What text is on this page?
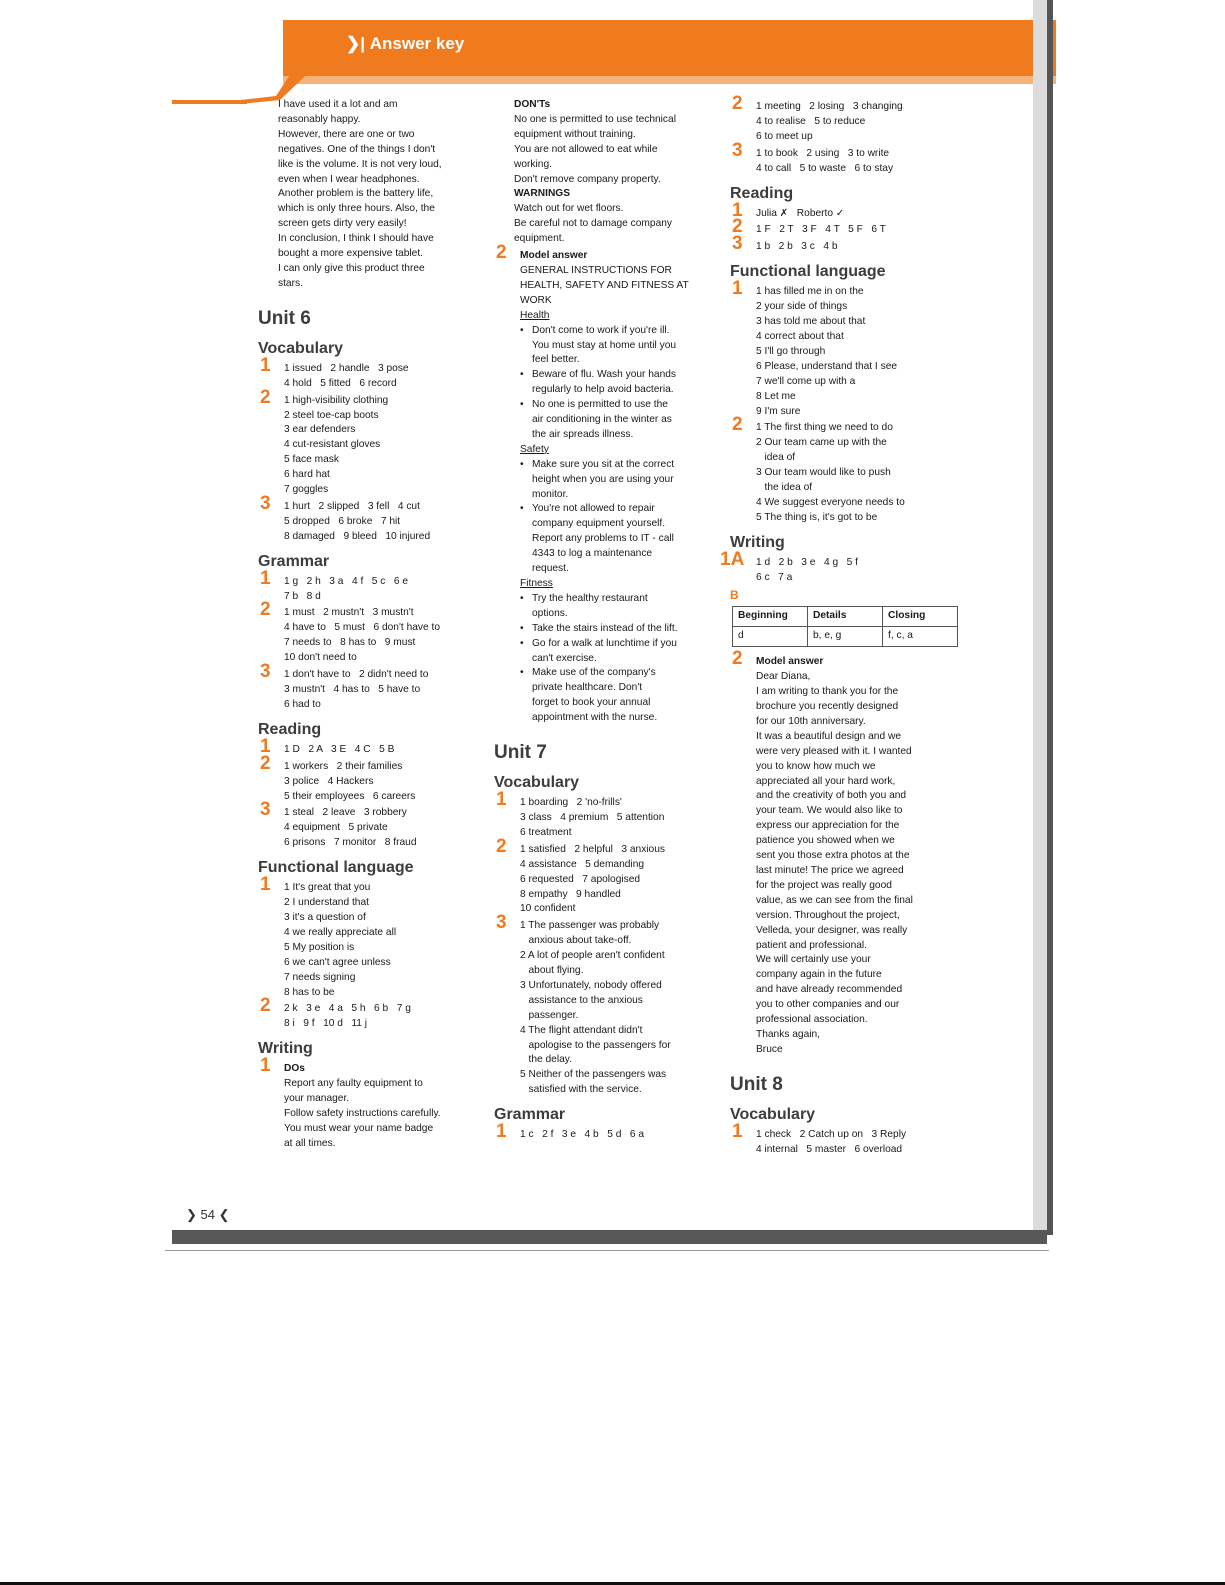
❯| Answer key
I have used it a lot and am
reasonably happy.
However, there are one or two
negatives. One of the things I don't
like is the volume. It is not very loud,
even when I wear headphones.
Another problem is the battery life,
which is only three hours. Also, the
screen gets dirty very easily!
In conclusion, I think I should have
bought a more expensive tablet.
I can only give this product three
stars.
Unit 6
Vocabulary
1 1 issued   2 handle   3 pose
4 hold   5 fitted   6 record
2 1 high-visibility clothing
2 steel toe-cap boots
3 ear defenders
4 cut-resistant gloves
5 face mask
6 hard hat
7 goggles
3 1 hurt   2 slipped   3 fell   4 cut
5 dropped   6 broke   7 hit
8 damaged   9 bleed   10 injured
Grammar
1 1 g   2 h   3 a   4 f   5 c   6 e
7 b   8 d
2 1 must   2 mustn't   3 mustn't
4 have to   5 must   6 don't have to
7 needs to   8 has to   9 must
10 don't need to
3 1 don't have to   2 didn't need to
3 mustn't   4 has to   5 have to
6 had to
Reading
1 1 D   2 A   3 E   4 C   5 B
2 1 workers   2 their families
3 police   4 Hackers
5 their employees   6 careers
3 1 steal   2 leave   3 robbery
4 equipment   5 private
6 prisons   7 monitor   8 fraud
Functional language
1 1 It's great that you
2 I understand that
3 it's a question of
4 we really appreciate all
5 My position is
6 we can't agree unless
7 needs signing
8 has to be
2 2 k   3 e   4 a   5 h   6 b   7 g
8 i   9 f   10 d   11 j
Writing
1 DOs
Report any faulty equipment to
your manager.
Follow safety instructions carefully.
You must wear your name badge
at all times.
DON'Ts
No one is permitted to use technical
equipment without training.
You are not allowed to eat while
working.
Don't remove company property.
WARNINGS
Watch out for wet floors.
Be careful not to damage company
equipment.
2 Model answer
GENERAL INSTRUCTIONS FOR
HEALTH, SAFETY AND FITNESS AT
WORK
Health
• Don't come to work if you're ill.
You must stay at home until you
feel better.
• Beware of flu. Wash your hands
regularly to help avoid bacteria.
• No one is permitted to use the
air conditioning in the winter as
the air spreads illness.
Safety
• Make sure you sit at the correct
height when you are using your
monitor.
• You're not allowed to repair
company equipment yourself.
Report any problems to IT - call
4343 to log a maintenance
request.
Fitness
• Try the healthy restaurant
options.
• Take the stairs instead of the lift.
• Go for a walk at lunchtime if you
can't exercise.
• Make use of the company's
private healthcare. Don't
forget to book your annual
appointment with the nurse.
Unit 7
Vocabulary
1 1 boarding   2 'no-frills'
3 class   4 premium   5 attention
6 treatment
2 1 satisfied   2 helpful   3 anxious
4 assistance   5 demanding
6 requested   7 apologised
8 empathy   9 handled
10 confident
3 1 The passenger was probably
anxious about take-off.
2 A lot of people aren't confident
about flying.
3 Unfortunately, nobody offered
assistance to the anxious
passenger.
4 The flight attendant didn't
apologise to the passengers for
the delay.
5 Neither of the passengers was
satisfied with the service.
Grammar
1 1 c   2 f   3 e   4 b   5 d   6 a
2 1 meeting   2 losing   3 changing
4 to realise   5 to reduce
6 to meet up
3 1 to book   2 using   3 to write
4 to call   5 to waste   6 to stay
Reading
1 Julia ✗   Roberto ✓
2 1 F   2 T   3 F   4 T   5 F   6 T
3 1 b   2 b   3 c   4 b
Functional language
1 1 has filled me in on the
2 your side of things
3 has told me about that
4 correct about that
5 I'll go through
6 Please, understand that I see
7 we'll come up with a
8 Let me
9 I'm sure
2 1 The first thing we need to do
2 Our team came up with the
idea of
3 Our team would like to push
the idea of
4 We suggest everyone needs to
5 The thing is, it's got to be
Writing
1A 1 d   2 b   3 e   4 g   5 f
6 c   7 a
B
Beginning	Details	Closing
d	b, e, g	f, c, a
2 Model answer
Dear Diana,
I am writing to thank you for the
brochure you recently designed
for our 10th anniversary.
It was a beautiful design and we
were very pleased with it. I wanted
you to know how much we
appreciated all your hard work,
and the creativity of both you and
your team. We would also like to
express our appreciation for the
patience you showed when we
sent you those extra photos at the
last minute! The price we agreed
for the project was really good
value, as we can see from the final
version. Throughout the project,
Velleda, your designer, was really
patient and professional.
We will certainly use your
company again in the future
and have already recommended
you to other companies and our
professional association.
Thanks again,
Bruce
Unit 8
Vocabulary
1 1 check   2 Catch up on   3 Reply
4 internal   5 master   6 overload
❯ 54 ❮
